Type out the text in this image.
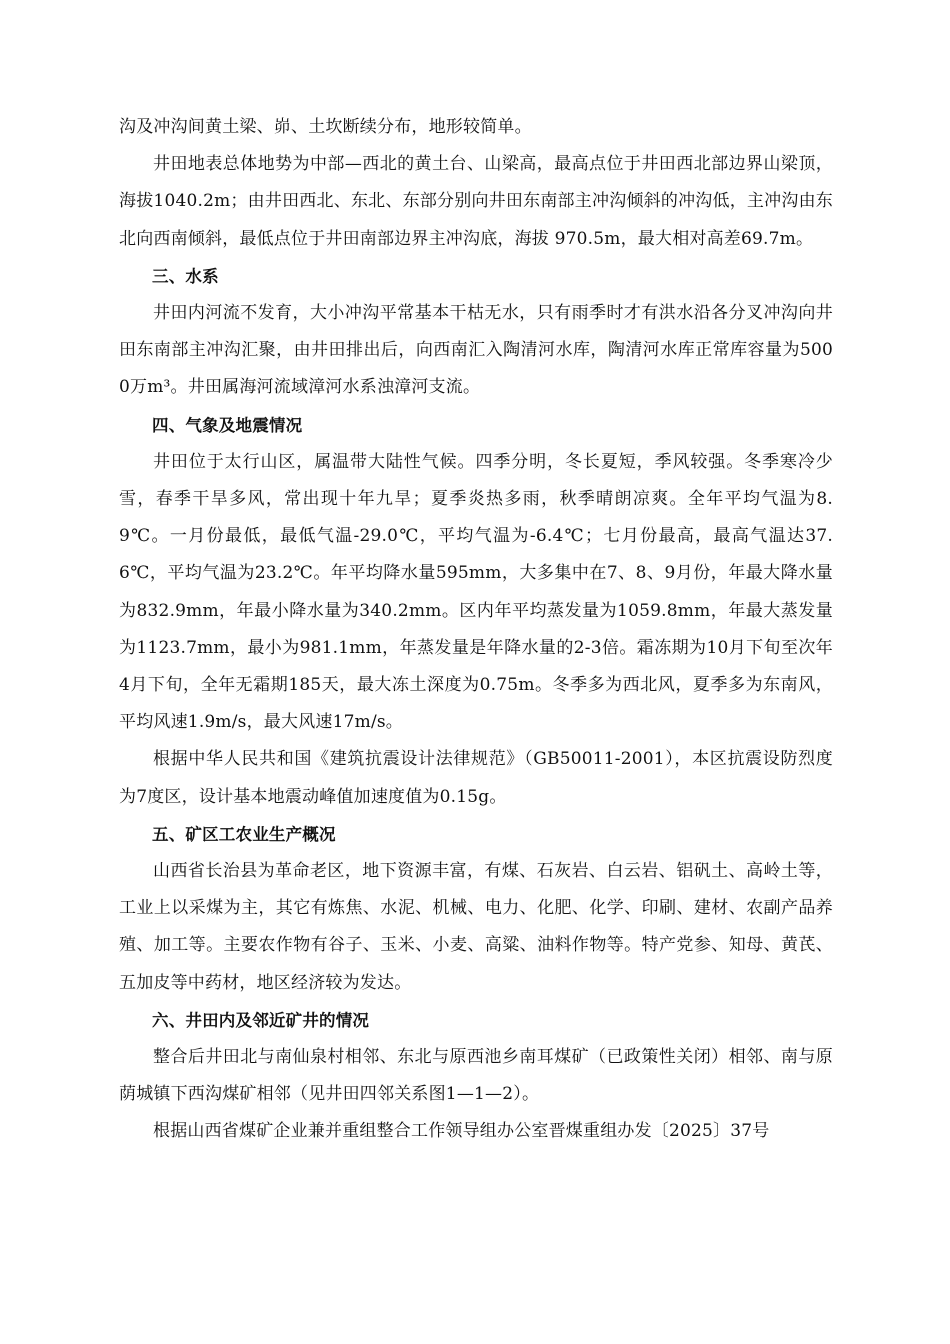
沟及冲沟间黄土梁、峁、土坎断续分布，地形较简单。

井田地表总体地势为中部—西北的黄土台、山梁高，最高点位于井田西北部边界山梁顶，海拔1040.2m；由井田西北、东北、东部分别向井田东南部主冲沟倾斜的冲沟低，主冲沟由东北向西南倾斜，最低点位于井田南部边界主冲沟底，海拔 970.5m，最大相对高差69.7m。

三、水系

井田内河流不发育，大小冲沟平常基本干枯无水，只有雨季时才有洪水沿各分叉冲沟向井田东南部主冲沟汇聚，由井田排出后，向西南汇入陶清河水库，陶清河水库正常库容量为5000万m³。井田属海河流域漳河水系浊漳河支流。

四、气象及地震情况

井田位于太行山区，属温带大陆性气候。四季分明，冬长夏短，季风较强。冬季寒冷少雪，春季干旱多风，常出现十年九旱；夏季炎热多雨，秋季晴朗凉爽。全年平均气温为8.9℃。一月份最低，最低气温-29.0℃，平均气温为-6.4℃；七月份最高，最高气温达37.6℃，平均气温为23.2℃。年平均降水量595mm，大多集中在7、8、9月份，年最大降水量为832.9mm，年最小降水量为340.2mm。区内年平均蒸发量为1059.8mm，年最大蒸发量为1123.7mm，最小为981.1mm，年蒸发量是年降水量的2-3倍。霜冻期为10月下旬至次年4月下旬，全年无霜期185天，最大冻土深度为0.75m。冬季多为西北风，夏季多为东南风，平均风速1.9m/s，最大风速17m/s。

根据中华人民共和国《建筑抗震设计法律规范》（GB50011-2001），本区抗震设防烈度为7度区，设计基本地震动峰值加速度值为0.15g。

五、矿区工农业生产概况

山西省长治县为革命老区，地下资源丰富，有煤、石灰岩、白云岩、铝矾土、高岭土等，工业上以采煤为主，其它有炼焦、水泥、机械、电力、化肥、化学、印刷、建材、农副产品养殖、加工等。主要农作物有谷子、玉米、小麦、高粱、油料作物等。特产党参、知母、黄芪、五加皮等中药材，地区经济较为发达。

六、井田内及邻近矿井的情况

整合后井田北与南仙泉村相邻、东北与原西池乡南耳煤矿（已政策性关闭）相邻、南与原荫城镇下西沟煤矿相邻（见井田四邻关系图1—1—2）。

根据山西省煤矿企业兼并重组整合工作领导组办公室晋煤重组办发〔2025〕37号
